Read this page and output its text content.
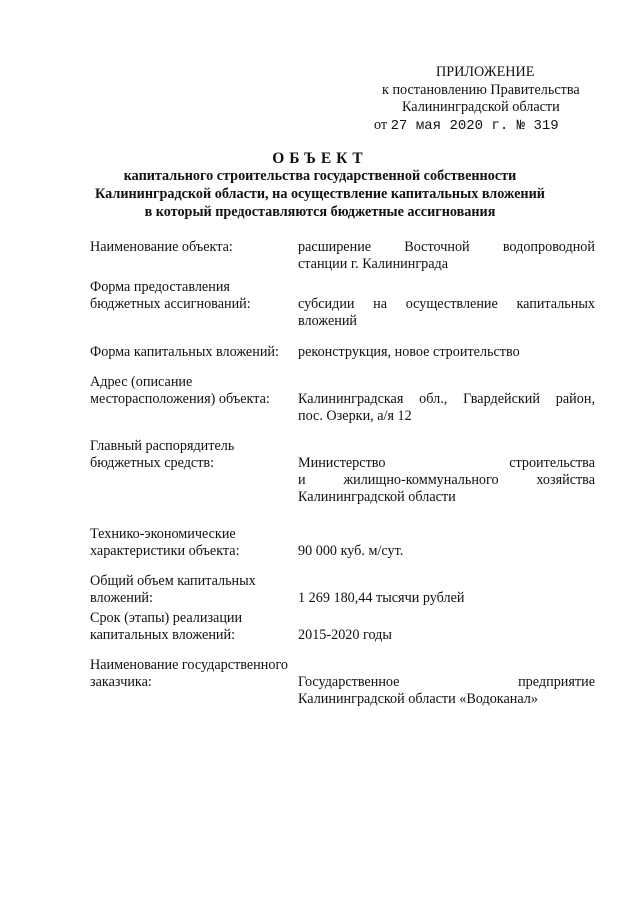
ПРИЛОЖЕНИЕ
к постановлению Правительства
Калининградской области
от 27 мая 2020 г. № 319
ОБЪЕКТ
капитального строительства государственной собственности
Калининградской области, на осуществление капитальных вложений
в который предоставляются бюджетные ассигнования
Наименование объекта:	расширение Восточной водопроводной
станции г. Калининграда
Форма предоставления
бюджетных ассигнований:	субсидии на осуществление капитальных
вложений
Форма капитальных вложений:	реконструкция, новое строительство
Адрес (описание
месторасположения) объекта:	Калининградская обл., Гвардейский район,
пос. Озерки, а/я 12
Главный распорядитель
бюджетных средств:	Министерство строительства
и жилищно-коммунального хозяйства
Калининградской области
Технико-экономические
характеристики объекта:	90 000 куб. м/сут.
Общий объем капитальных
вложений:	1 269 180,44 тысячи рублей
Срок (этапы) реализации
капитальных вложений:	2015-2020 годы
Наименование государственного
заказчика:	Государственное предприятие
Калининградской области «Водоканал»
